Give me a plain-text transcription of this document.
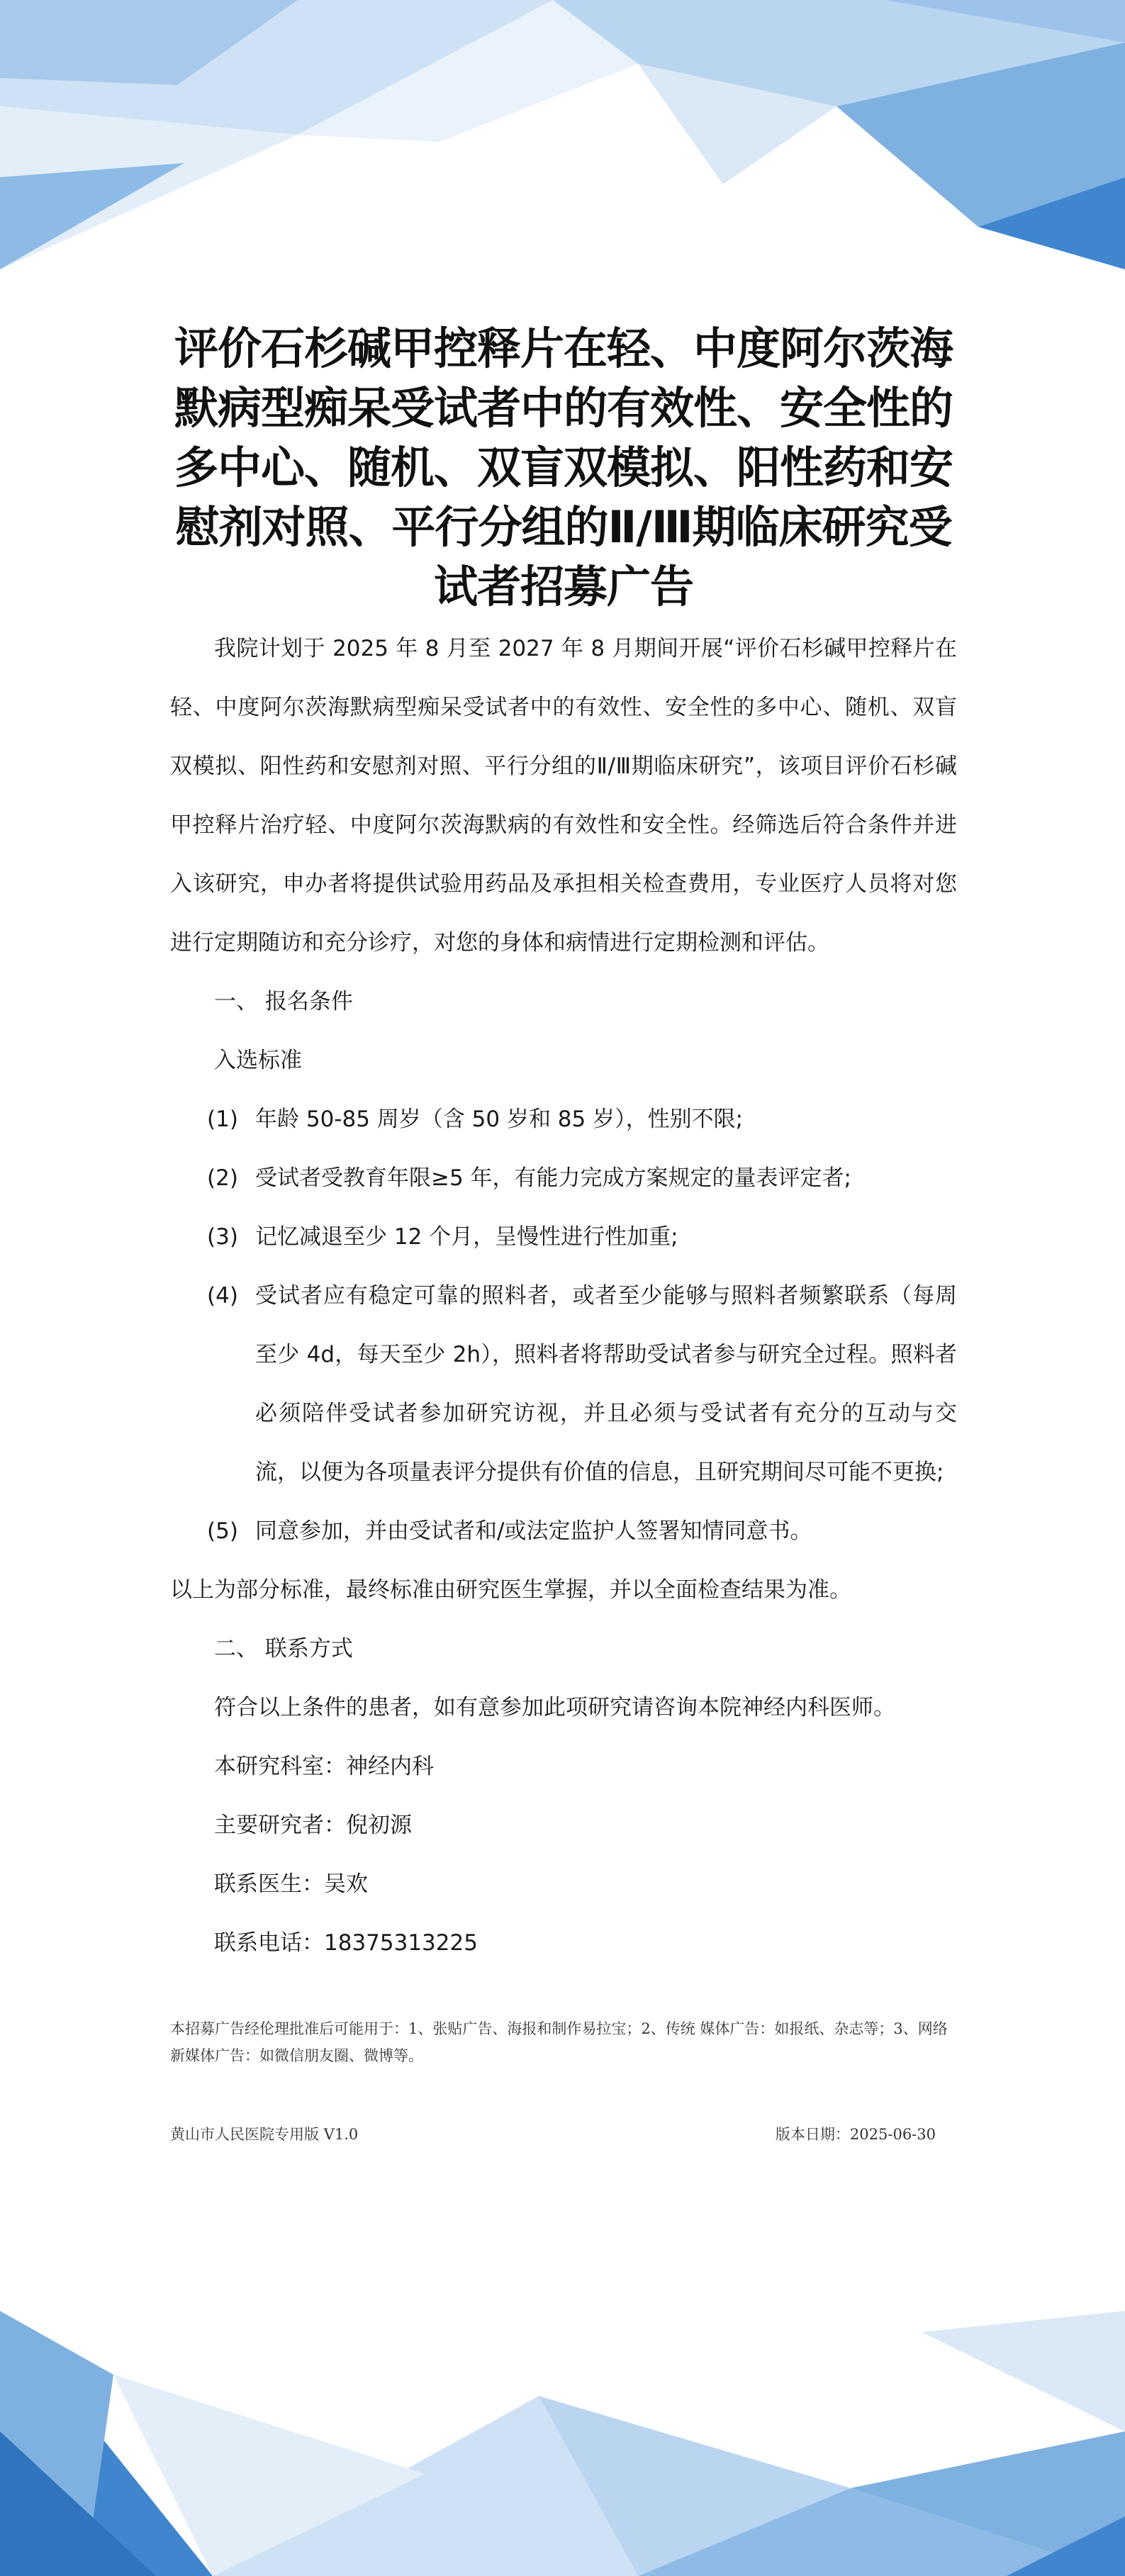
评价石杉碱甲控释片在轻、中度阿尔茨海默病型痴呆受试者中的有效性、安全性的多中心、随机、双盲双模拟、阳性药和安慰剂对照、平行分组的Ⅱ/Ⅲ期临床研究受试者招募广告

我院计划于 2025 年 8 月至 2027 年 8 月期间开展“评价石杉碱甲控释片在轻、中度阿尔茨海默病型痴呆受试者中的有效性、安全性的多中心、随机、双盲双模拟、阳性药和安慰剂对照、平行分组的Ⅱ/Ⅲ期临床研究”，该项目评价石杉碱甲控释片治疗轻、中度阿尔茨海默病的有效性和安全性。经筛选后符合条件并进入该研究，申办者将提供试验用药品及承担相关检查费用，专业医疗人员将对您进行定期随访和充分诊疗，对您的身体和病情进行定期检测和评估。

一、 报名条件
入选标准
(1) 年龄 50-85 周岁（含 50 岁和 85 岁），性别不限;
(2) 受试者受教育年限≥5 年，有能力完成方案规定的量表评定者;
(3) 记忆减退至少 12 个月，呈慢性进行性加重;
(4) 受试者应有稳定可靠的照料者，或者至少能够与照料者频繁联系（每周至少 4d，每天至少 2h），照料者将帮助受试者参与研究全过程。照料者必须陪伴受试者参加研究访视，并且必须与受试者有充分的互动与交流，以便为各项量表评分提供有价值的信息，且研究期间尽可能不更换;
(5) 同意参加，并由受试者和/或法定监护人签署知情同意书。
以上为部分标准，最终标准由研究医生掌握，并以全面检查结果为准。
二、 联系方式
符合以上条件的患者，如有意参加此项研究请咨询本院神经内科医师。
本研究科室：神经内科
主要研究者：倪初源
联系医生：吴欢
联系电话：18375313225
本招募广告经伦理批准后可能用于：1、张贴广告、海报和制作易拉宝；2、传统 媒体广告：如报纸、杂志等；3、网络新媒体广告：如微信朋友圈、微博等。
黄山市人民医院专用版 V1.0	版本日期：2025-06-30
